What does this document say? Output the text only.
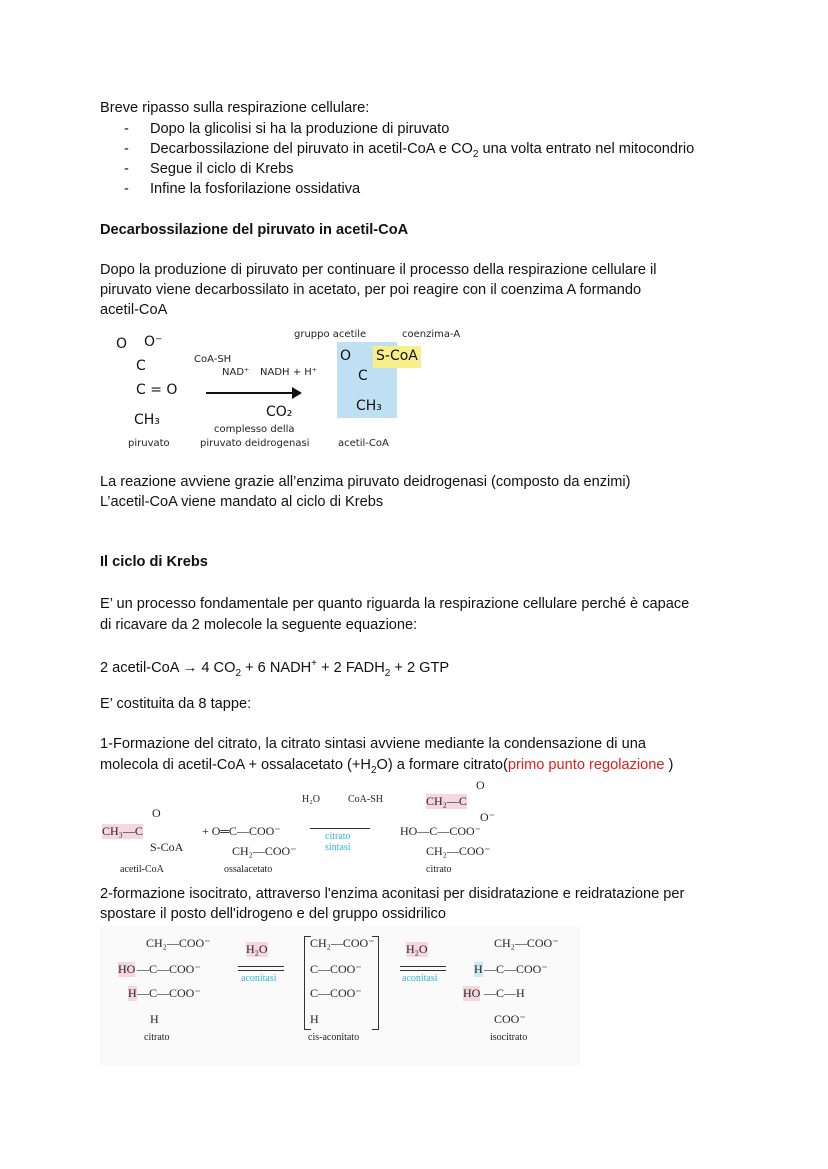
Breve ripasso sulla respirazione cellulare:
- Dopo la glicolisi si ha la produzione di piruvato
- Decarbossilazione del piruvato in acetil-CoA e $CO_2$ una volta entrato nel mitocondrio
- Segue il ciclo di Krebs
- Infine la fosforilazione ossidativa
Decarbossilazione del piruvato in acetil-CoA
Dopo la produzione di piruvato per continuare il processo della respirazione cellulare il
piruvato viene decarbossilato in acetato, per poi reagire con il coenzima A formando
acetil-CoA
O O⁻
C
C = O
CH₃
piruvato
CoA-SH
NAD⁺ NADH + H⁺
CO₂
complesso della
piruvato deidrogenasi
gruppo acetile	coenzima-A
O S-CoA
C
CH₃
acetil-CoA
La reazione avviene grazie all’enzima piruvato deidrogenasi (composto da enzimi)
L’acetil-CoA viene mandato al ciclo di Krebs
Il ciclo di Krebs
E’ un processo fondamentale per quanto riguarda la respirazione cellulare perché è capace
di ricavare da 2 molecole la seguente equazione:
2 acetil-CoA → 4 $CO_2 + 6$ NADH+ + 2 $FADH_2 + 2$ GTP
E’ costituita da 8 tappe:
1-Formazione del citrato, la citrato sintasi avviene mediante la condensazione di una
molecola di acetil-CoA + ossalacetato $(+H_2O)$ a formare citrato(primo punto regolazione )
CH₃—C
O
S-CoA
acetil-CoA
+ O═C—COO⁻
CH₂—COO⁻
ossalacetato
H₂O	CoA-SH
citrato
sintasi
CH₂—C
O
O⁻
HO—C—COO⁻
CH₂—COO⁻
citrato
2-formazione isocitrato, attraverso l'enzima aconitasi per disidratazione e reidratazione per
spostare il posto dell'idrogeno e del gruppo ossidrilico
CH₂—COO⁻
HO —C—COO⁻
H —C—COO⁻
H
citrato
H₂O
aconitasi
CH₂—COO⁻
C—COO⁻
C—COO⁻
H
cis-aconitato
H₂O
aconitasi
CH₂—COO⁻
H —C—COO⁻
HO —C—H
COO⁻
isocitrato
